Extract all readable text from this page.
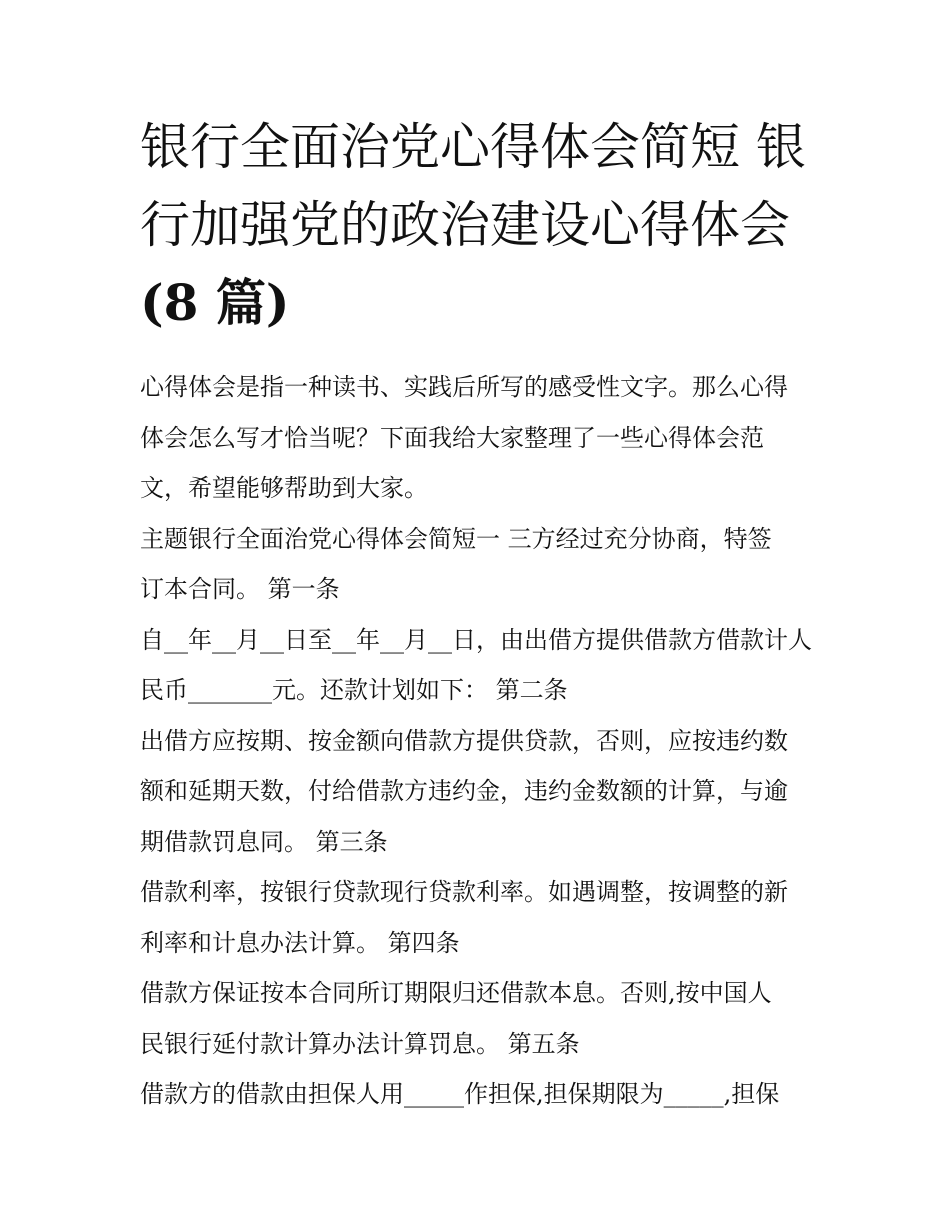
银行全面治党心得体会简短 银
行加强党的政治建设心得体会
(8 篇)

心得体会是指一种读书、实践后所写的感受性文字。那么心得
体会怎么写才恰当呢？下面我给大家整理了一些心得体会范
文，希望能够帮助到大家。

主题银行全面治党心得体会简短一 三方经过充分协商，特签
订本合同。 第一条

自__年__月__日至__年__月__日，由出借方提供借款方借款计人
民币_______元。还款计划如下： 第二条

出借方应按期、按金额向借款方提供贷款，否则，应按违约数
额和延期天数，付给借款方违约金，违约金数额的计算，与逾
期借款罚息同。 第三条

借款利率，按银行贷款现行贷款利率。如遇调整，按调整的新
利率和计息办法计算。 第四条

借款方保证按本合同所订期限归还借款本息。否则,按中国人
民银行延付款计算办法计算罚息。 第五条

借款方的借款由担保人用_____作担保,担保期限为_____,担保
